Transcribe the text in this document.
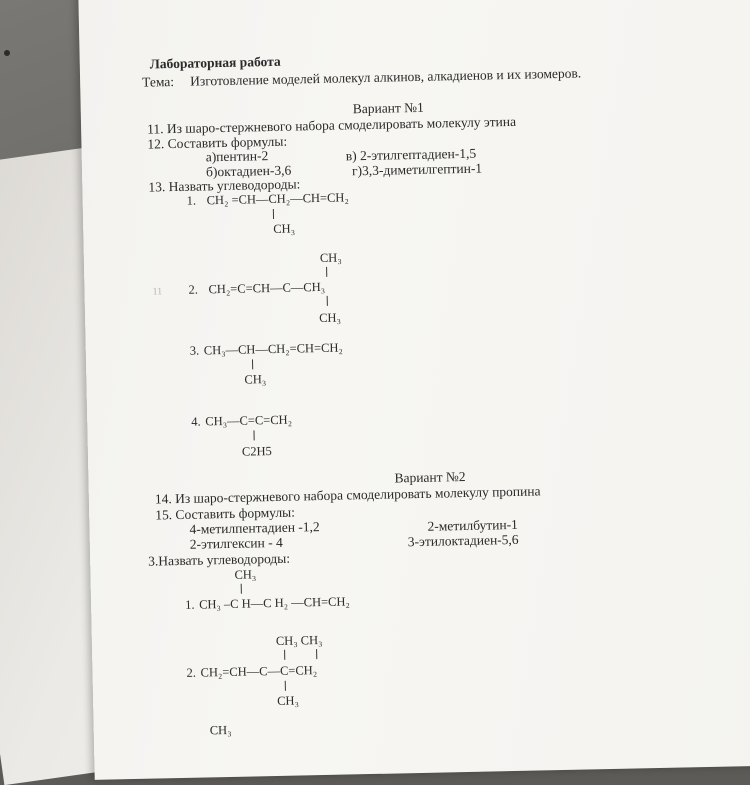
Лабораторная работа
Тема: Изготовление моделей молекул алкинов, алкадиенов и их изомеров.
Вариант №1
11. Из шаро-стержневого набора смоделировать молекулу этина
12. Составить формулы:
а)пентин-2
б)октадиен-3,6
в) 2-этилгептадиен-1,5
г)3,3-диметилгептин-1
13. Назвать углеводороды:
1. CH₂ =CH—CH₂—CH=CH₂
CH₃
CH₃
2. CH₂=C=CH—C—CH₃
CH₃
11
3. CH₃—CH—CH₂=CH=CH₂
CH₃
4. CH₃—C=C=CH₂
C2H5
Вариант №2
14. Из шаро-стержневого набора смоделировать молекулу пропина
15. Составить формулы:
4-метилпентадиен -1,2	2-метилбутин-1
2-этилгексин - 4	3-этилоктадиен-5,6
3.Назвать углеводороды:
CH₃
1. CH₃ –C H—C H₂ —CH=CH₂
CH₃ CH₃
2. CH₂=CH—C—C=CH₂
CH₃
CH₃
